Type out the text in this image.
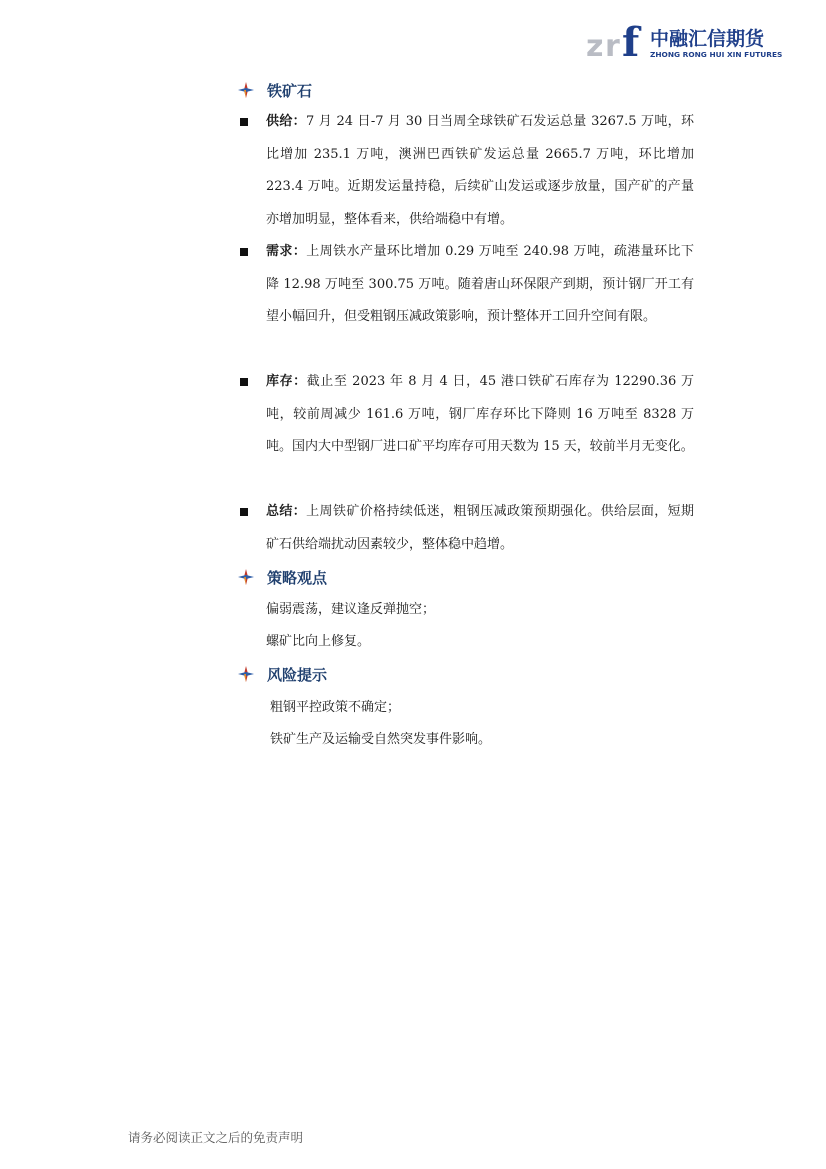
z r f 中融汇信期货
ZHONG RONG HUI XIN FUTURES
铁矿石
供给：7 月 24 日-7 月 30 日当周全球铁矿石发运总量 3267.5 万吨，环比增加 235.1 万吨，澳洲巴西铁矿发运总量 2665.7 万吨，环比增加 223.4 万吨。近期发运量持稳，后续矿山发运或逐步放量，国产矿的产量亦增加明显，整体看来，供给端稳中有增。
需求：上周铁水产量环比增加 0.29 万吨至 240.98 万吨，疏港量环比下降 12.98 万吨至 300.75 万吨。随着唐山环保限产到期，预计钢厂开工有望小幅回升，但受粗钢压减政策影响，预计整体开工回升空间有限。
库存：截止至 2023 年 8 月 4 日，45 港口铁矿石库存为 12290.36 万吨，较前周减少 161.6 万吨，钢厂库存环比下降则 16 万吨至 8328 万吨。国内大中型钢厂进口矿平均库存可用天数为 15 天，较前半月无变化。
总结：上周铁矿价格持续低迷，粗钢压减政策预期强化。供给层面，短期矿石供给端扰动因素较少，整体稳中趋增。
策略观点
偏弱震荡，建议逢反弹抛空；
螺矿比向上修复。
风险提示
粗钢平控政策不确定；
铁矿生产及运输受自然突发事件影响。
请务必阅读正文之后的免责声明
